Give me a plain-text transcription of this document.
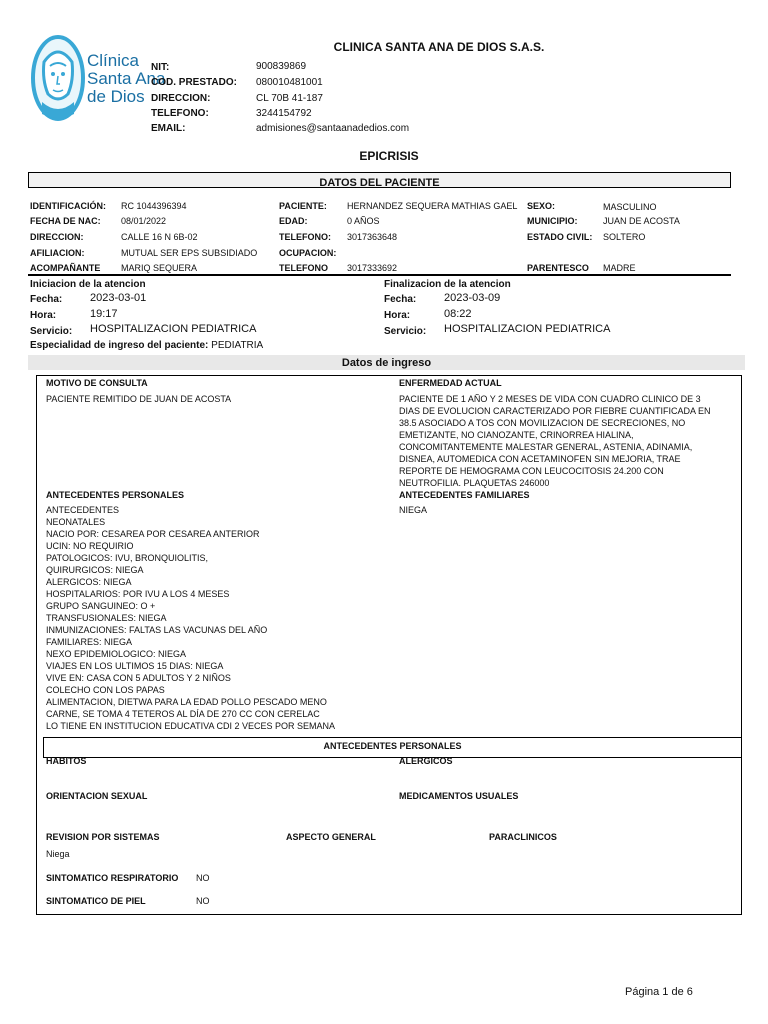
Clínica
Santa Ana
de Dios
CLINICA SANTA ANA DE DIOS S.A.S.
NIT:	900839869
COD. PRESTADO: 080010481001
DIRECCION:	CL 70B 41-187
TELEFONO:	3244154792
EMAIL:	admisiones@santaanadedios.com
EPICRISIS
DATOS DEL PACIENTE
IDENTIFICACIÓN: RC 1044396394	PACIENTE: HERNANDEZ SEQUERA MATHIAS GAEL SEXO:	MASCULINO
FECHA DE NAC: 08/01/2022	EDAD:	0 AÑOS	MUNICIPIO:	JUAN DE ACOSTA
DIRECCION:	CALLE 16 N 6B-02	TELEFONO: 3017363648	ESTADO CIVIL: SOLTERO
AFILIACION:	MUTUAL SER EPS SUBSIDIADO OCUPACION:
ACOMPAÑANTE MARIQ SEQUERA	TELEFONO 3017333692	PARENTESCO MADRE
Iniciacion de la atencion
Fecha:	2023-03-01
Hora:	19:17
Servicio: HOSPITALIZACION PEDIATRICA
Finalizacion de la atencion
Fecha:	2023-03-09
Hora:	08:22
Servicio: HOSPITALIZACION PEDIATRICA
Especialidad de ingreso del paciente: PEDIATRIA
Datos de ingreso
MOTIVO DE CONSULTA
PACIENTE REMITIDO DE JUAN DE ACOSTA
ENFERMEDAD ACTUAL
PACIENTE DE 1 AÑO Y 2 MESES DE VIDA CON CUADRO CLINICO DE 3
DIAS DE EVOLUCION CARACTERIZADO POR FIEBRE CUANTIFICADA EN
38.5 ASOCIADO A TOS CON MOVILIZACION DE SECRECIONES, NO
EMETIZANTE, NO CIANOZANTE, CRINORREA HIALINA,
CONCOMITANTEMENTE MALESTAR GENERAL, ASTENIA, ADINAMIA,
DISNEA, AUTOMEDICA CON ACETAMINOFEN SIN MEJORIA, TRAE
REPORTE DE HEMOGRAMA CON LEUCOCITOSIS 24.200 CON
NEUTROFILIA. PLAQUETAS 246000
ANTECEDENTES PERSONALES
ANTECEDENTES
NEONATALES
NACIO POR: CESAREA POR CESAREA ANTERIOR
UCIN: NO REQUIRIO
PATOLOGICOS: IVU, BRONQUIOLITIS,
QUIRURGICOS: NIEGA
ALERGICOS: NIEGA
HOSPITALARIOS: POR IVU A LOS 4 MESES
GRUPO SANGUINEO: O +
TRANSFUSIONALES: NIEGA
INMUNIZACIONES: FALTAS LAS VACUNAS DEL AÑO
FAMILIARES: NIEGA
NEXO EPIDEMIOLOGICO: NIEGA
VIAJES EN LOS ULTIMOS 15 DIAS: NIEGA
VIVE EN: CASA CON 5 ADULTOS Y 2 NIÑOS
COLECHO CON LOS PAPAS
ALIMENTACION, DIETWA PARA LA EDAD POLLO PESCADO MENO
CARNE, SE TOMA 4 TETEROS AL DÍA DE 270 CC CON CERELAC
LO TIENE EN INSTITUCION EDUCATIVA CDI 2 VECES POR SEMANA
ANTECEDENTES FAMILIARES
NIEGA
ANTECEDENTES PERSONALES
HABITOS	ALERGICOS
ORIENTACION SEXUAL	MEDICAMENTOS USUALES
REVISION POR SISTEMAS
Niega
ASPECTO GENERAL	PARACLINICOS
SINTOMATICO RESPIRATORIO NO
SINTOMATICO DE PIEL	NO
Página 1 de 6
